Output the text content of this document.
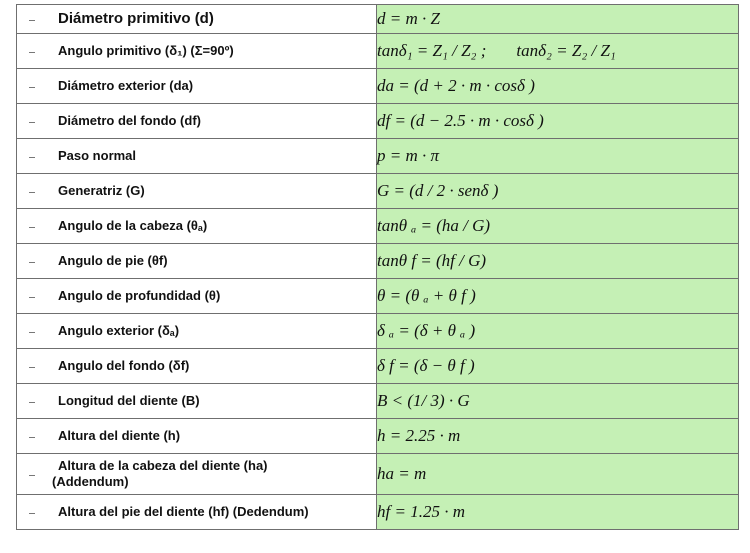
Diámetro primitivo (d)	d = m · Z

Angulo primitivo (δ₁) (Σ=90º)	tanδ₁ = Z₁ / Z₂ ; tanδ₂ = Z₂ / Z₁

Diámetro exterior (da)	da = (d + 2 · m · cosδ )

Diámetro del fondo (df)	df = (d − 2.5 · m · cosδ )

Paso normal	p = m · π

Generatriz (G)	G = (d / 2 · senδ )

Angulo de la cabeza (θₐ)	tanθ ₐ = (ha / G)

Angulo de pie (θf)	tanθ f = (hf / G)

Angulo de profundidad (θ)	θ = (θ ₐ + θ f )

Angulo exterior (δₐ)	δ ₐ = (δ + θ ₐ )

Angulo del fondo (δf)	δ f = (δ − θ f )

Longitud del diente (B)	B < (1/ 3) · G

Altura del diente (h)	h = 2.25 · m

Altura de la cabeza del diente (ha)
(Addendum)	ha = m

Altura del pie del diente (hf) (Dedendum)	hf = 1.25 · m
